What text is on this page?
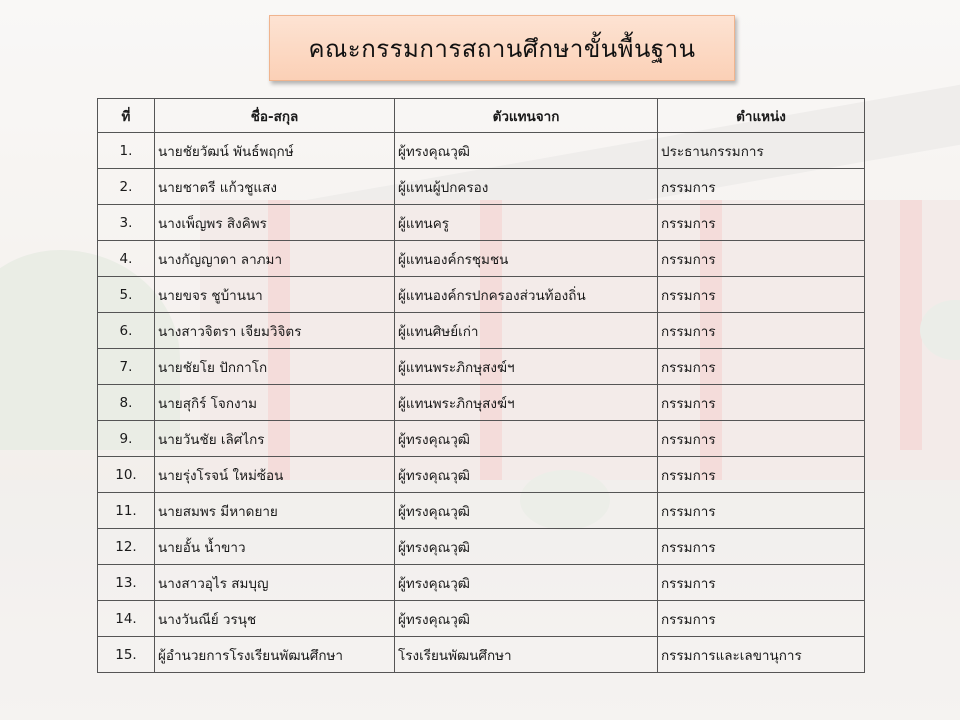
คณะกรรมการสถานศึกษาขั้นพื้นฐาน
ที่	ชื่อ-สกุล	ตัวแทนจาก	ตำแหน่ง
1.	นายชัยวัฒน์ พันธ์พฤกษ์	ผู้ทรงคุณวุฒิ	ประธานกรรมการ
2.	นายชาตรี แก้วชูแสง	ผู้แทนผู้ปกครอง	กรรมการ
3.	นางเพ็ญพร สิงคิพร	ผู้แทนครู	กรรมการ
4.	นางกัญญาดา ลาภมา	ผู้แทนองค์กรชุมชน	กรรมการ
5.	นายขจร ชูบ้านนา	ผู้แทนองค์กรปกครองส่วนท้องถิ่น	กรรมการ
6.	นางสาวจิตรา เจียมวิจิตร	ผู้แทนศิษย์เก่า	กรรมการ
7.	นายชัยโย ปักกาโก	ผู้แทนพระภิกษุสงฆ์ฯ	กรรมการ
8.	นายสุกิร์ โจกงาม	ผู้แทนพระภิกษุสงฆ์ฯ	กรรมการ
9.	นายวันชัย เลิศไกร	ผู้ทรงคุณวุฒิ	กรรมการ
10.	นายรุ่งโรจน์ ใหม่ซ้อน	ผู้ทรงคุณวุฒิ	กรรมการ
11.	นายสมพร มีหาดยาย	ผู้ทรงคุณวุฒิ	กรรมการ
12.	นายอั้น น้ำขาว	ผู้ทรงคุณวุฒิ	กรรมการ
13.	นางสาวอุไร สมบุญ	ผู้ทรงคุณวุฒิ	กรรมการ
14.	นางวันณีย์ วรนุช	ผู้ทรงคุณวุฒิ	กรรมการ
15.	ผู้อำนวยการโรงเรียนพัฒนศึกษา	โรงเรียนพัฒนศึกษา	กรรมการและเลขานุการ
